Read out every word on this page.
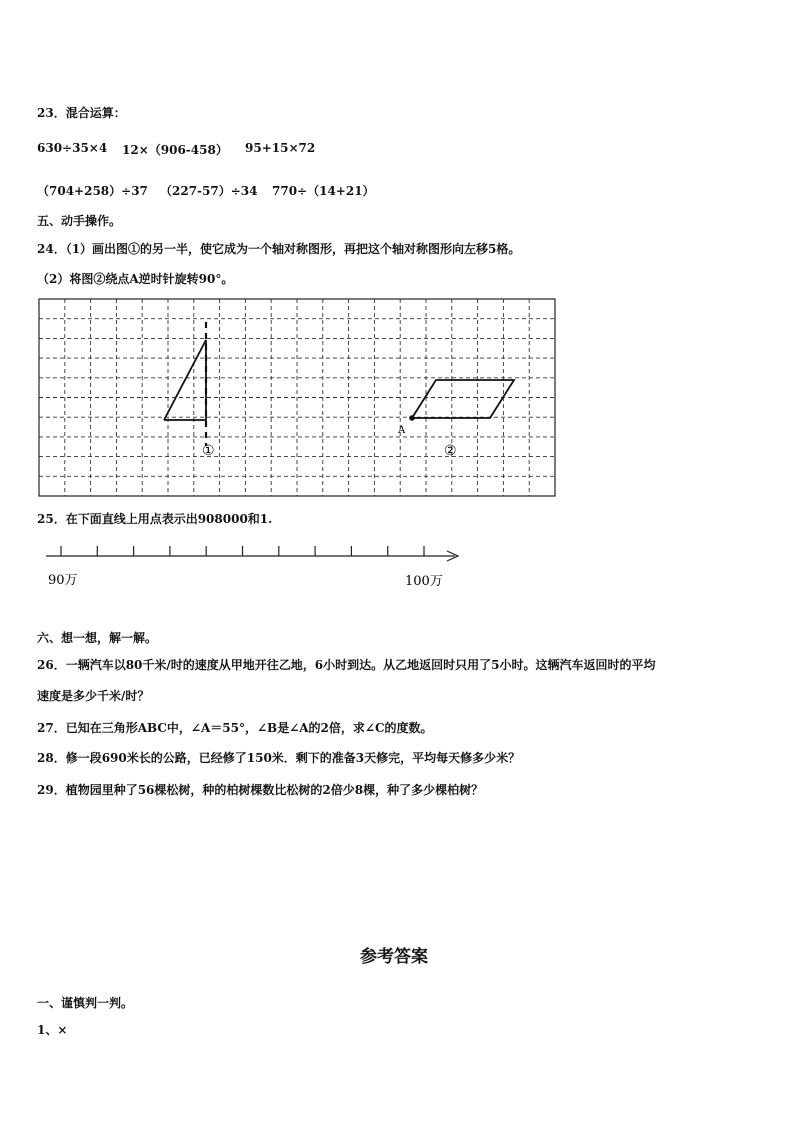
23．混合运算：
630÷35×4 12×（906-458） 95+15×72
（704+258）÷37 （227-57）÷34 770÷（14+21）
五、动手操作。
24．（1）画出图①的另一半，使它成为一个轴对称图形，再把这个轴对称图形向左移5格。
（2）将图②绕点A逆时针旋转90°。
①
A
②
25．在下面直线上用点表示出908000和1.
90万	100万
六、想一想，解一解。
26．一辆汽车以80千米/时的速度从甲地开往乙地，6小时到达。从乙地返回时只用了5小时。这辆汽车返回时的平均
速度是多少千米/时？
27．已知在三角形ABC中，∠A＝55°，∠B是∠A的2倍，求∠C的度数。
28．修一段690米长的公路，已经修了150米．剩下的准备3天修完，平均每天修多少米？
29．植物园里种了56棵松树，种的柏树棵数比松树的2倍少8棵，种了多少棵柏树？
参考答案
一、谨慎判一判。
1、×
